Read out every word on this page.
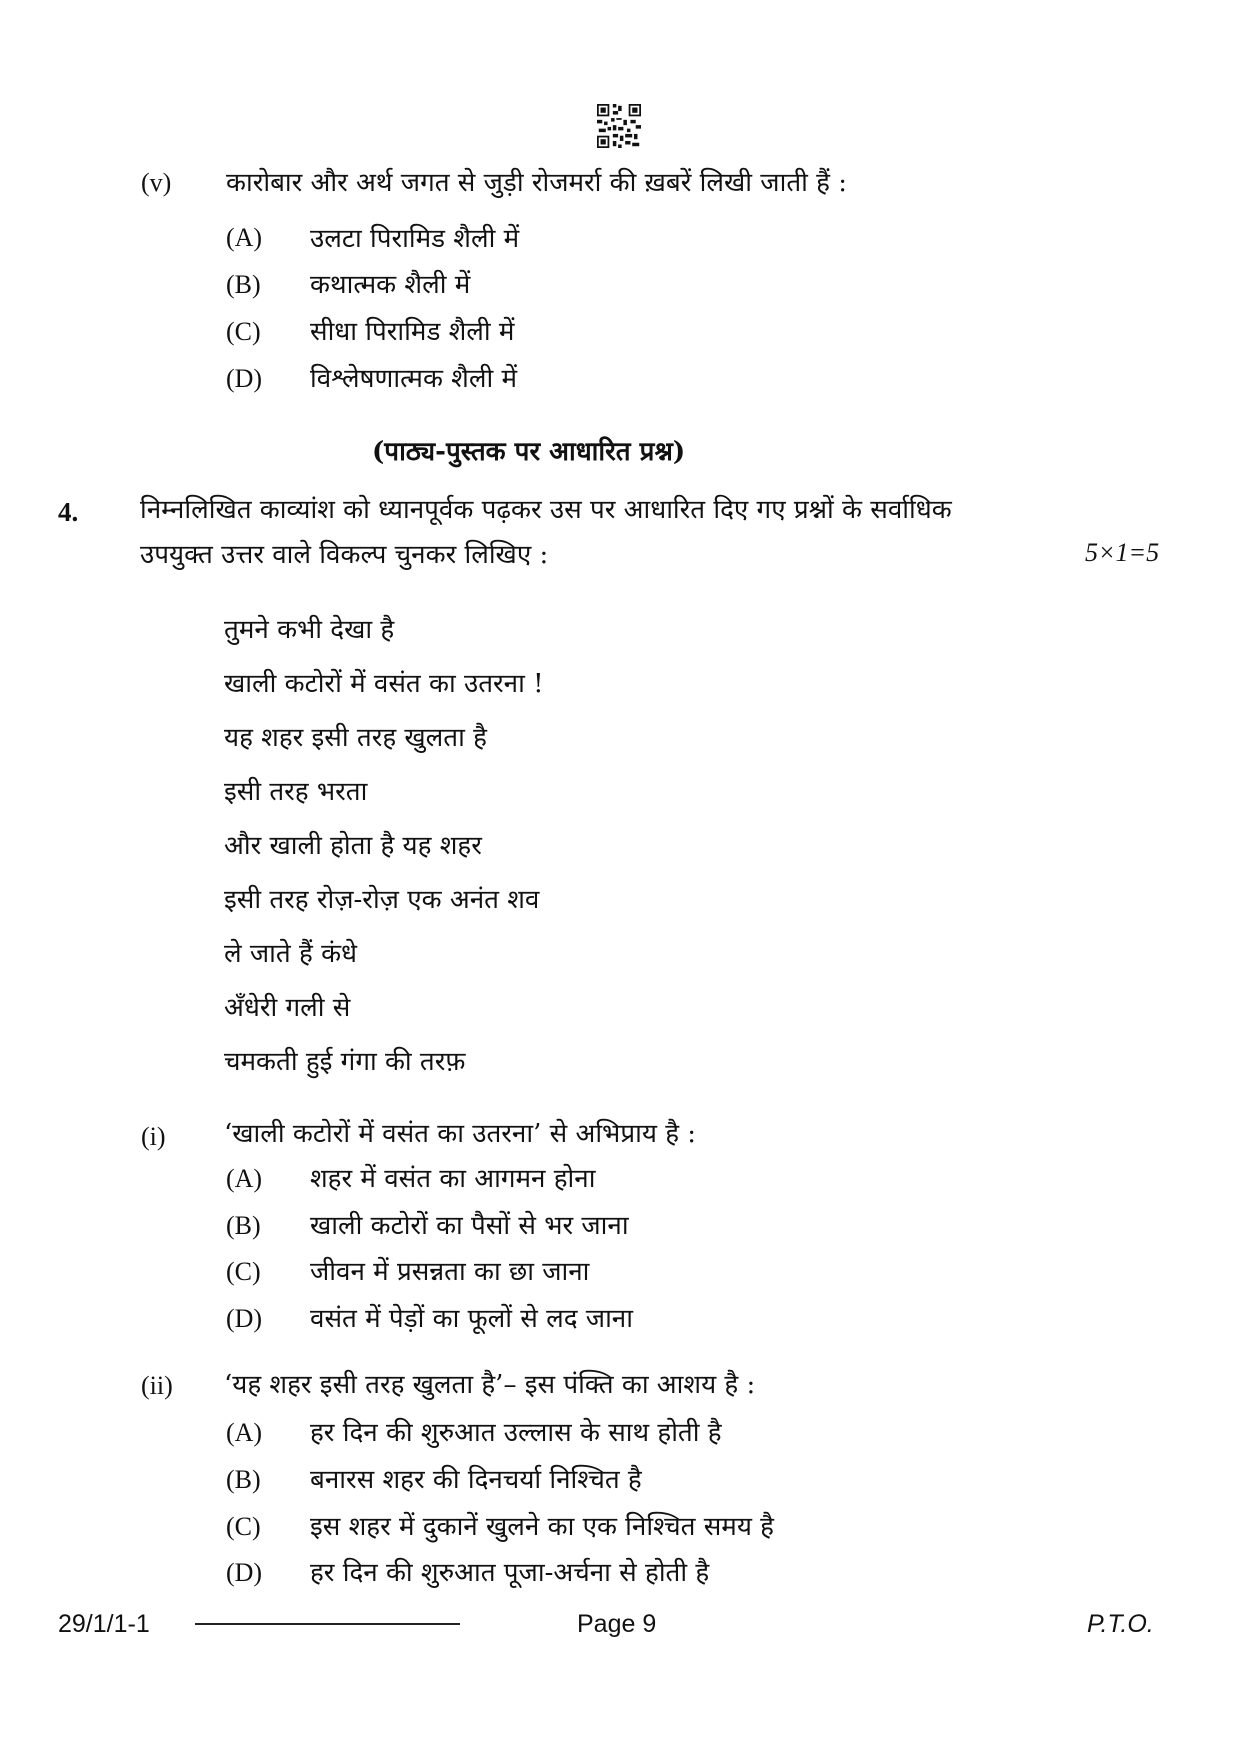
(v) कारोबार और अर्थ जगत से जुड़ी रोजमर्रा की ख़बरें लिखी जाती हैं :
(A) उलटा पिरामिड शैली में
(B) कथात्मक शैली में
(C) सीधा पिरामिड शैली में
(D) विश्लेषणात्मक शैली में
(पाठ्य-पुस्तक पर आधारित प्रश्न)
4. निम्नलिखित काव्यांश को ध्यानपूर्वक पढ़कर उस पर आधारित दिए गए प्रश्नों के सर्वाधिक
उपयुक्त उत्तर वाले विकल्प चुनकर लिखिए :	5×1=5
तुमने कभी देखा है
खाली कटोरों में वसंत का उतरना !
यह शहर इसी तरह खुलता है
इसी तरह भरता
और खाली होता है यह शहर
इसी तरह रोज़-रोज़ एक अनंत शव
ले जाते हैं कंधे
अँधेरी गली से
चमकती हुई गंगा की तरफ़
(i) ‘खाली कटोरों में वसंत का उतरना’ से अभिप्राय है :
(A) शहर में वसंत का आगमन होना
(B) खाली कटोरों का पैसों से भर जाना
(C) जीवन में प्रसन्नता का छा जाना
(D) वसंत में पेड़ों का फूलों से लद जाना
(ii) ‘यह शहर इसी तरह खुलता है’– इस पंक्ति का आशय है :
(A) हर दिन की शुरुआत उल्लास के साथ होती है
(B) बनारस शहर की दिनचर्या निश्चित है
(C) इस शहर में दुकानें खुलने का एक निश्चित समय है
(D) हर दिन की शुरुआत पूजा-अर्चना से होती है
29/1/1-1	Page 9	P.T.O.
